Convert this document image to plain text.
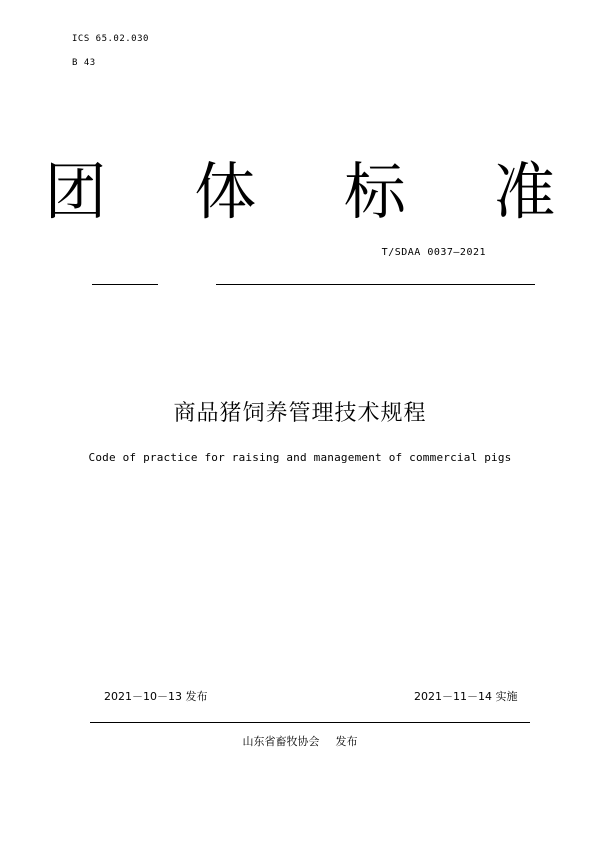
ICS 65.02.030
B 43
团 体 标 准
T/SDAA 0037—2021
商品猪饲养管理技术规程
Code of practice for raising and management of commercial pigs
2021－10－13 发布	2021－11－14 实施
山东省畜牧协会 发布
